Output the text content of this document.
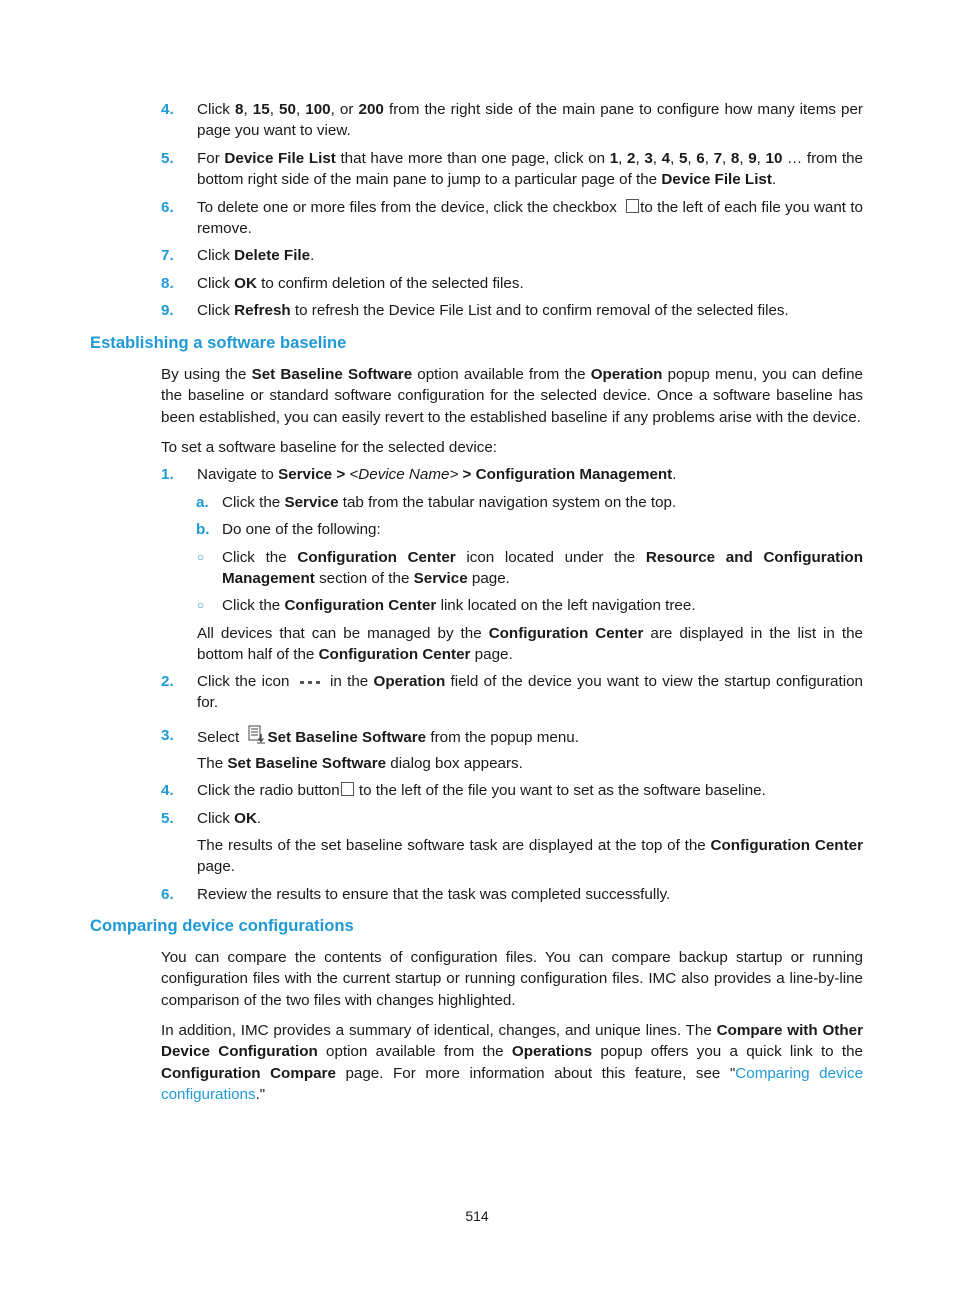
4. Click 8, 15, 50, 100, or 200 from the right side of the main pane to configure how many items per page you want to view.
5. For Device File List that have more than one page, click on 1, 2, 3, 4, 5, 6, 7, 8, 9, 10 … from the bottom right side of the main pane to jump to a particular page of the Device File List.
6. To delete one or more files from the device, click the checkbox to the left of each file you want to remove.
7. Click Delete File.
8. Click OK to confirm deletion of the selected files.
9. Click Refresh to refresh the Device File List and to confirm removal of the selected files.
Establishing a software baseline
By using the Set Baseline Software option available from the Operation popup menu, you can define the baseline or standard software configuration for the selected device. Once a software baseline has been established, you can easily revert to the established baseline if any problems arise with the device.
To set a software baseline for the selected device:
1. Navigate to Service > <Device Name> > Configuration Management.
a. Click the Service tab from the tabular navigation system on the top.
b. Do one of the following:
○ Click the Configuration Center icon located under the Resource and Configuration Management section of the Service page.
○ Click the Configuration Center link located on the left navigation tree.
All devices that can be managed by the Configuration Center are displayed in the list in the bottom half of the Configuration Center page.
2. Click the icon  in the Operation field of the device you want to view the startup configuration for.
3. Select Set Baseline Software from the popup menu.
The Set Baseline Software dialog box appears.
4. Click the radio button to the left of the file you want to set as the software baseline.
5. Click OK.
The results of the set baseline software task are displayed at the top of the Configuration Center page.
6. Review the results to ensure that the task was completed successfully.
Comparing device configurations
You can compare the contents of configuration files. You can compare backup startup or running configuration files with the current startup or running configuration files. IMC also provides a line-by-line comparison of the two files with changes highlighted.
In addition, IMC provides a summary of identical, changes, and unique lines. The Compare with Other Device Configuration option available from the Operations popup offers you a quick link to the Configuration Compare page. For more information about this feature, see "Comparing device configurations."
514
